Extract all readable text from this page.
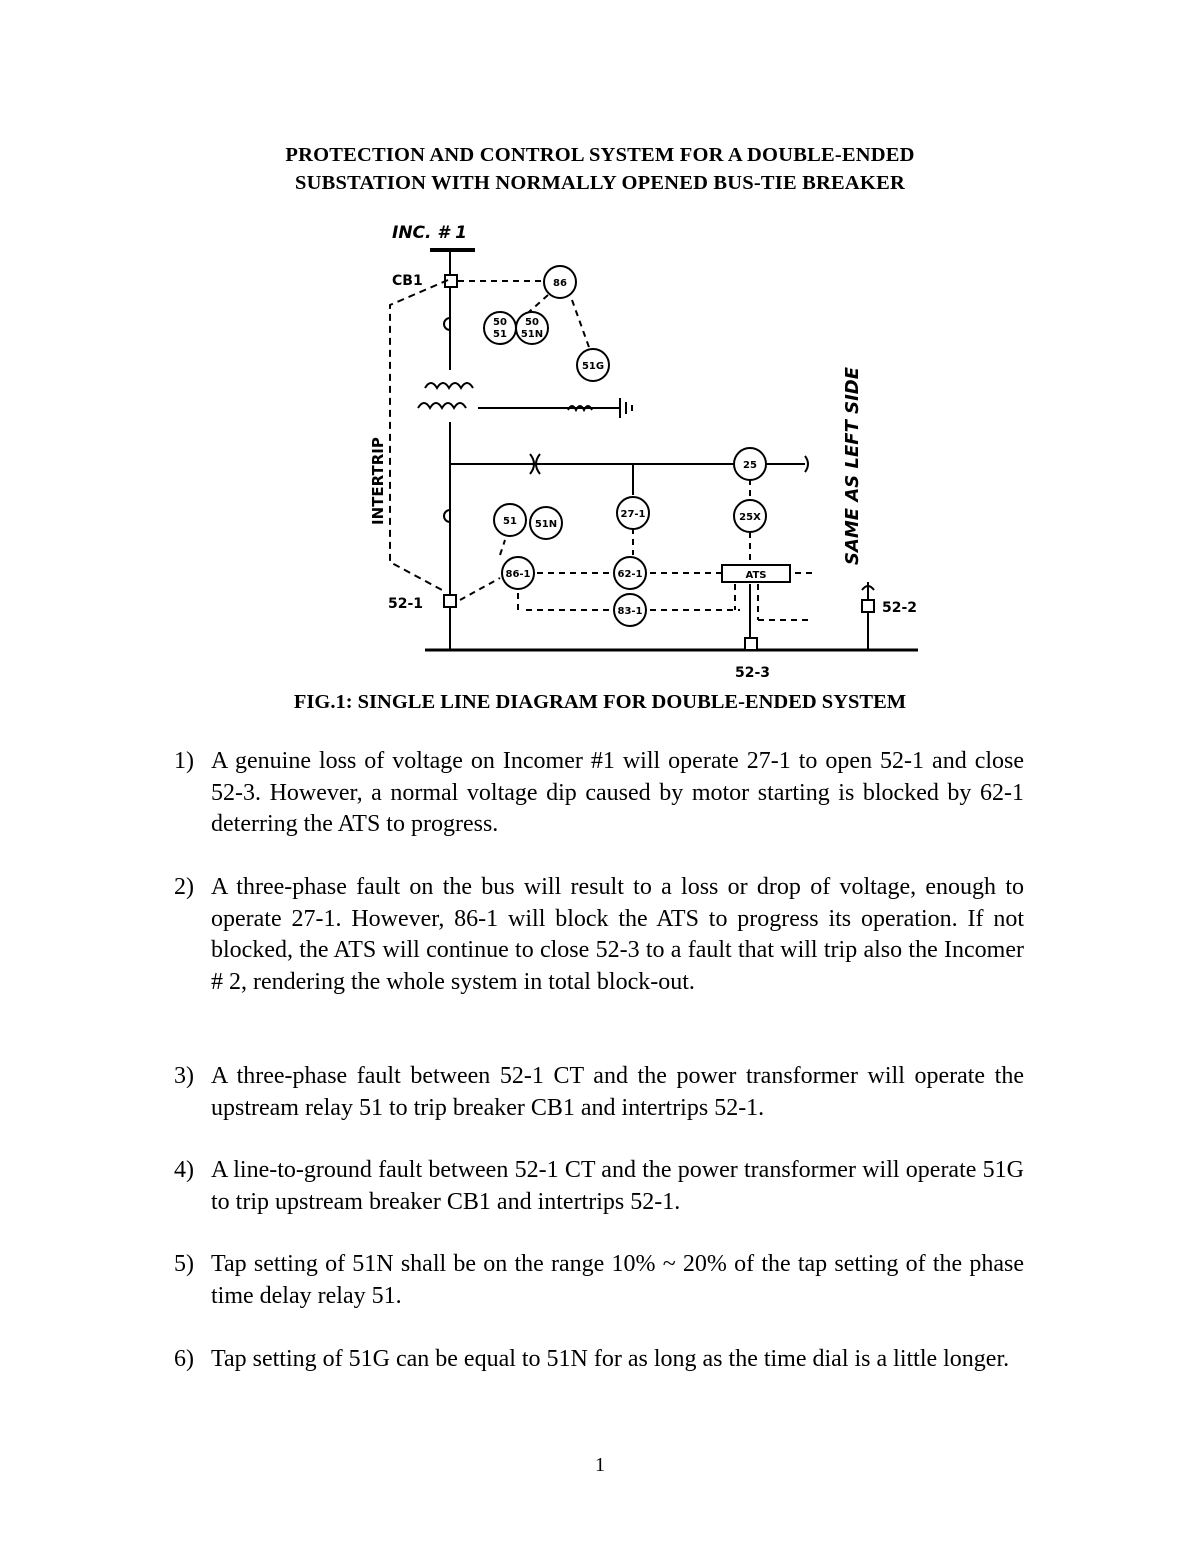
PROTECTION AND CONTROL SYSTEM FOR A DOUBLE-ENDED
SUBSTATION WITH NORMALLY OPENED BUS-TIE BREAKER
86
50
51
50
51N
51G
25
25X
27-1
51 51N
86-1	62-1
83-1
ATS
INC. # 1
CB1
52-1	52-2
52-3
INTERTRIP	SAME AS LEFT SIDE
FIG.1: SINGLE LINE DIAGRAM FOR DOUBLE-ENDED SYSTEM
1) A genuine loss of voltage on Incomer #1 will operate 27-1 to open 52-1 and close 52-3. However, a normal voltage dip caused by motor starting is blocked by 62-1 deterring the ATS to progress.
2) A three-phase fault on the bus will result to a loss or drop of voltage, enough to operate 27-1. However, 86-1 will block the ATS to progress its operation. If not blocked, the ATS will continue to close 52-3 to a fault that will trip also the Incomer # 2, rendering the whole system in total block-out.
3) A three-phase fault between 52-1 CT and the power transformer will operate the upstream relay 51 to trip breaker CB1 and intertrips 52-1.
4) A line-to-ground fault between 52-1 CT and the power transformer will operate 51G to trip upstream breaker CB1 and intertrips 52-1.
5) Tap setting of 51N shall be on the range 10% ~ 20% of the tap setting of the phase time delay relay 51.
6) Tap setting of 51G can be equal to 51N for as long as the time dial is a little longer.
1
